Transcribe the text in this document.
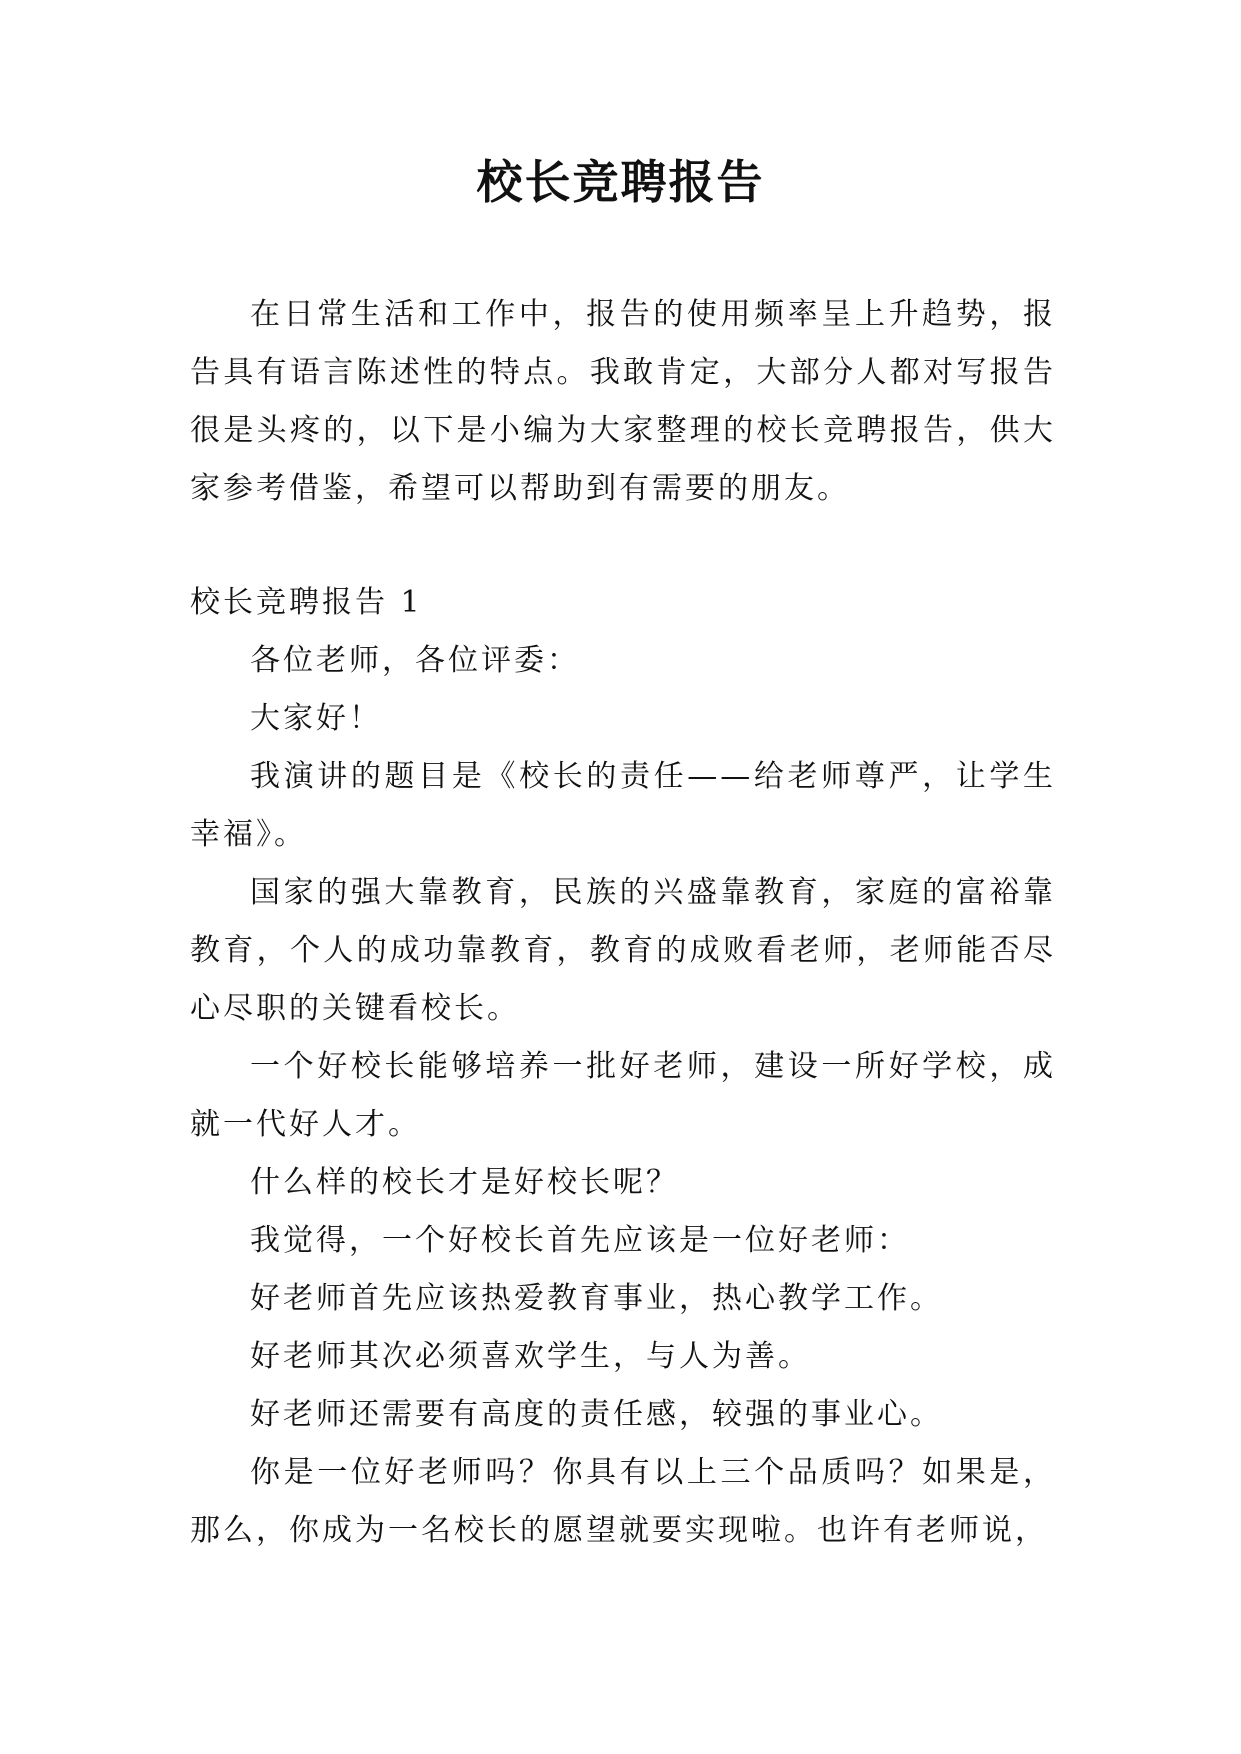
校长竞聘报告

在日常生活和工作中，报告的使用频率呈上升趋势，报告具有语言陈述性的特点。我敢肯定，大部分人都对写报告很是头疼的，以下是小编为大家整理的校长竞聘报告，供大家参考借鉴，希望可以帮助到有需要的朋友。

校长竞聘报告 1

各位老师，各位评委：

大家好！

我演讲的题目是《校长的责任——给老师尊严，让学生幸福》。

国家的强大靠教育，民族的兴盛靠教育，家庭的富裕靠教育，个人的成功靠教育，教育的成败看老师，老师能否尽心尽职的关键看校长。

一个好校长能够培养一批好老师，建设一所好学校，成就一代好人才。

什么样的校长才是好校长呢？

我觉得，一个好校长首先应该是一位好老师：

好老师首先应该热爱教育事业，热心教学工作。

好老师其次必须喜欢学生，与人为善。

好老师还需要有高度的责任感，较强的事业心。

你是一位好老师吗？你具有以上三个品质吗？如果是，那么，你成为一名校长的愿望就要实现啦。也许有老师说，
